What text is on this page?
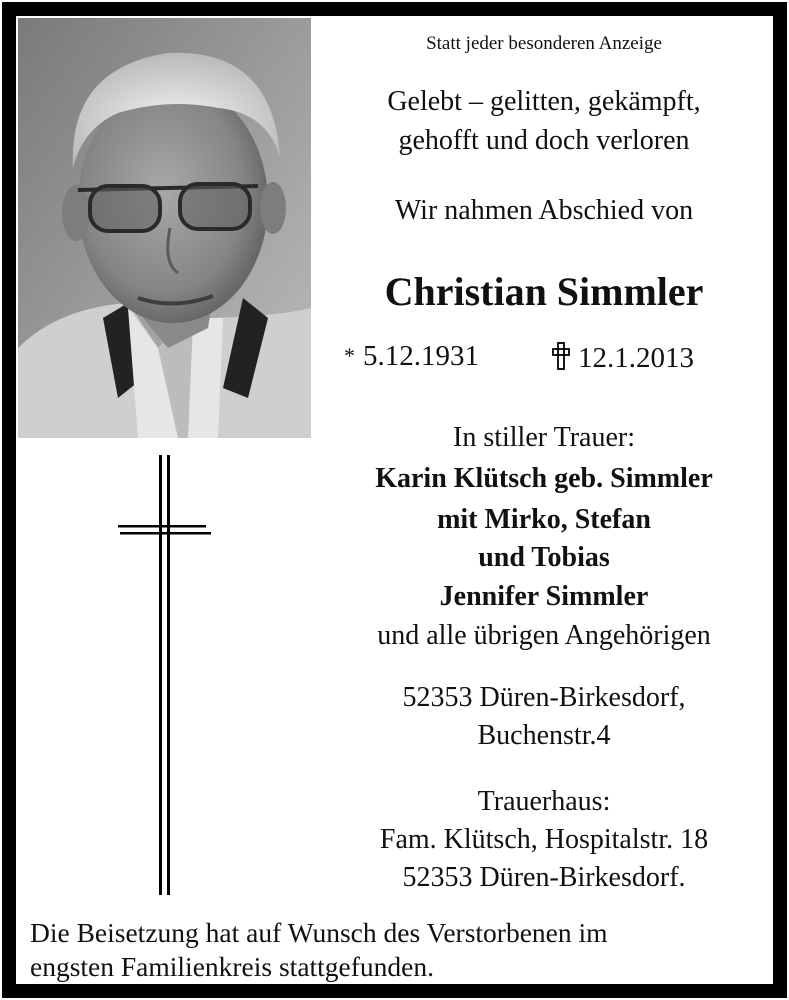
Statt jeder besonderen Anzeige
Gelebt – gelitten, gekämpft,
gehofft und doch verloren
Wir nahmen Abschied von
Christian Simmler
In stiller Trauer:
Karin Klütsch geb. Simmler
mit Mirko, Stefan
und Tobias
Jennifer Simmler
und alle übrigen Angehörigen
52353 Düren-Birkesdorf,
Buchenstr.4
Trauerhaus:
Fam. Klütsch, Hospitalstr. 18
52353 Düren-Birkesdorf.
* 5.12.1931	12.1.2013
Die Beisetzung hat auf Wunsch des Verstorbenen im
engsten Familienkreis stattgefunden.
